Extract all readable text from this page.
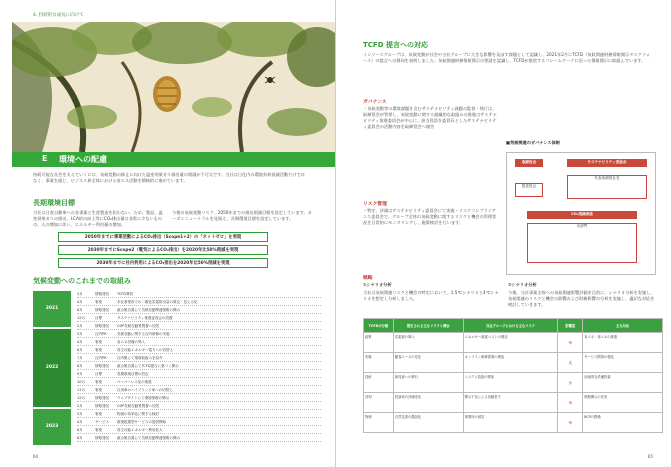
4. 持続的な成長に向けて
E 環境への配慮
持続可能な社会を支えていくには、気候変動の抑止に向けた温室効果ガス排出量の削減が不可欠です。当社は日化内の環境負荷低減活動だけではなく、事業を通じ、ビジネス界全体における省エネ活動を積極的に進めています。
長期環境目標
当社は日産自動車への各事業と生産製造を担わない。ため、製品、温室効果ガスの排出、LCA的の向上等にCO₂排出量は非常に少ないものの、人の増加に伴い、エネルギー利用量の増加。
今後の気候変動リスク、2050年までの排出削減目標を設定しています。カーボンニュートラルを見据え、長期環境目標を設定しています。
2050年までに事業活動によるCO₂排出（Scope1+2）の「ネットゼロ」を実現
2030年までにScope2（電気によるCO₂排出）を2020年比50%削減を実現
2030年までに社内利用によるCO₂排出を2020年比50%削減を実現
気候変動へのこれまでの取組み
2021
2022
2023
2月	情報発信 TCFD賛同
4月	事業	本社事業所での二酸化炭素排出量の算定・見える化
8月	情報発信 統合報告書にて気候変動関連情報の開示
12月	目標	サステナビリティ推進委員会の設置
2月	情報発信 CDP気候変動質問書へ回答
3月	社内PR	気候変動に関する社内研修の実施
4月	事業	省エネ設備の導入
6月	事業	再生可能エネルギー電力への切替え
7月	社内PR	社内報にて環境取組みを紹介
8月	情報発信 統合報告書にてTCFD提言に基づく開示
9月	目標	長期環境目標の設定
10月	事業	ペーパーレス化の推進
11月	事業	社用車のハイブリッド車への切替え
12月	情報発信 ウェブサイトにて環境情報の開示
2月	情報発信 CDP気候変動質問書へ回答
3月	事業	物流の効率化に関する検討
4月	サービス 環境配慮型サービスの提供開始
6月	事業	再生可能エネルギー利用拡大
8月	情報発信 統合報告書にて気候変動関連情報の開示
64
TCFD 提言への対応
インソースグループは、気候変動が社会や当社グループに大きな影響を及ぼす課題として認識し、2021年2月にTCFD（気候関連財務情報開示タスクフォース）の提言への賛同を表明しました。気候関連財務情報開示の要請を認識し、TCFDが推奨するフレームワークに沿った情報開示に取組んでいます。
ガバナンス
・気候変動等の環境課題を含むサステナビリティ課題の監督・執行は、取締役会が管掌し、気候変動に関する組織的な取組みの推進はサステナビリティ推進委員会が中心に、担当役員を委員長としたサステナビリティ委員会の活動内容を取締役会へ報告
■気候関連のガバナンス体制
取締役会	サステナビリティ委員会
監査役会
代表取締役社長
CO₂削減推進
各部門
リスク管理
・特定、評価はサステナビリティ委員会にて実施・リスクコンプライアンス委員会で、グループ全体の気候変動に関するリスクと機会の管理状況を日常的にモニタリングし、施策検討を行います。
戦略
①シナリオ分析
当社は気候関連リスクと機会の特定において、1.5℃シナリオと4℃シナリオを想定し分析しました。
②シナリオ分析
今後、当社事業全体への気候関連影響評価を目的に、シナリオ分析を実施し、気候関連のリスクと機会の影響および財務影響の分析を実施し、適切な対応を検討していきます。
TCFDの分類	想定される主なリスクと機会	当社グループにおける主なリスク	影響度	主な対応
政策	炭素税の導入	エネルギー調達コストの増加	中	省エネ・再エネの推進
市場	顧客ニーズの変化	オンライン研修需要の増加	大	サービス開発の強化
技術	新技術への移行	システム投資の増加	小	計画的な設備投資
評判	投資家の評価変化	開示不足による信頼低下	中	情報開示の充実
物理	自然災害の激甚化	事業所の被災	中	BCPの整備
65
